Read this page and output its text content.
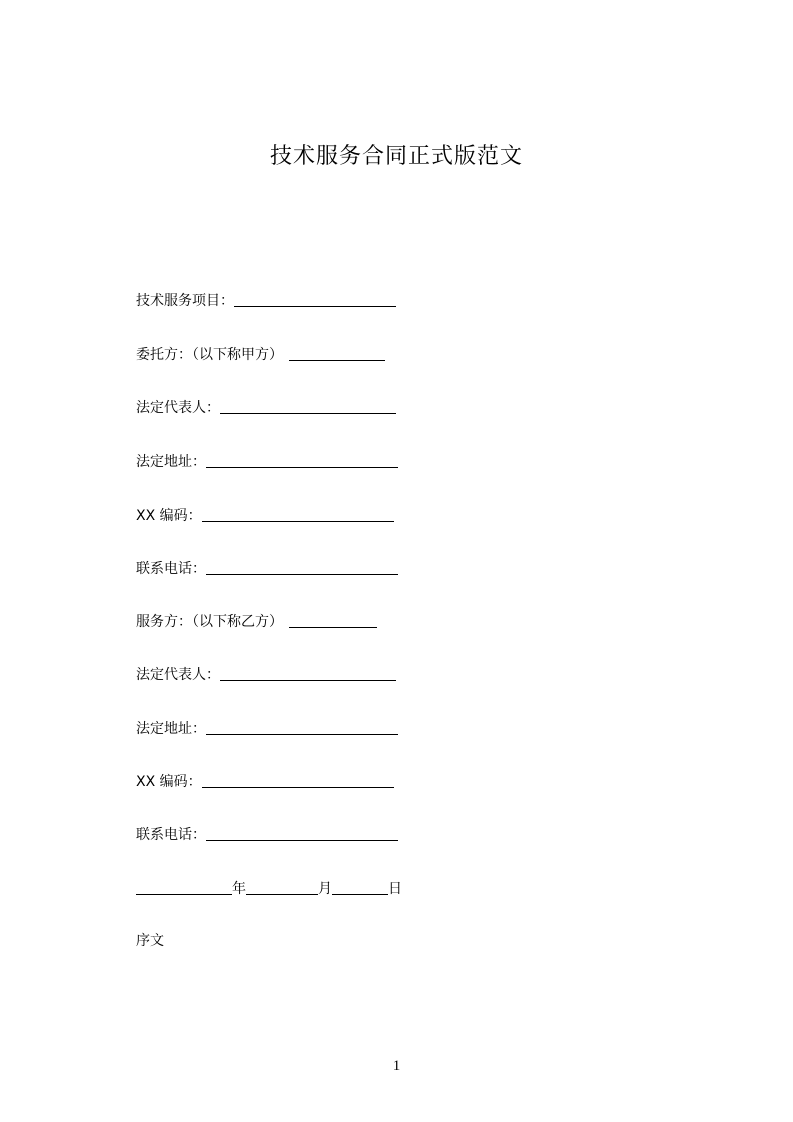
技术服务合同正式版范文
技术服务项目：
委托方：（以下称甲方）
法定代表人：
法定地址：
XX 编码：
联系电话：
服务方：（以下称乙方）
法定代表人：
法定地址：
XX 编码：
联系电话：
年	月	日
序文
1
